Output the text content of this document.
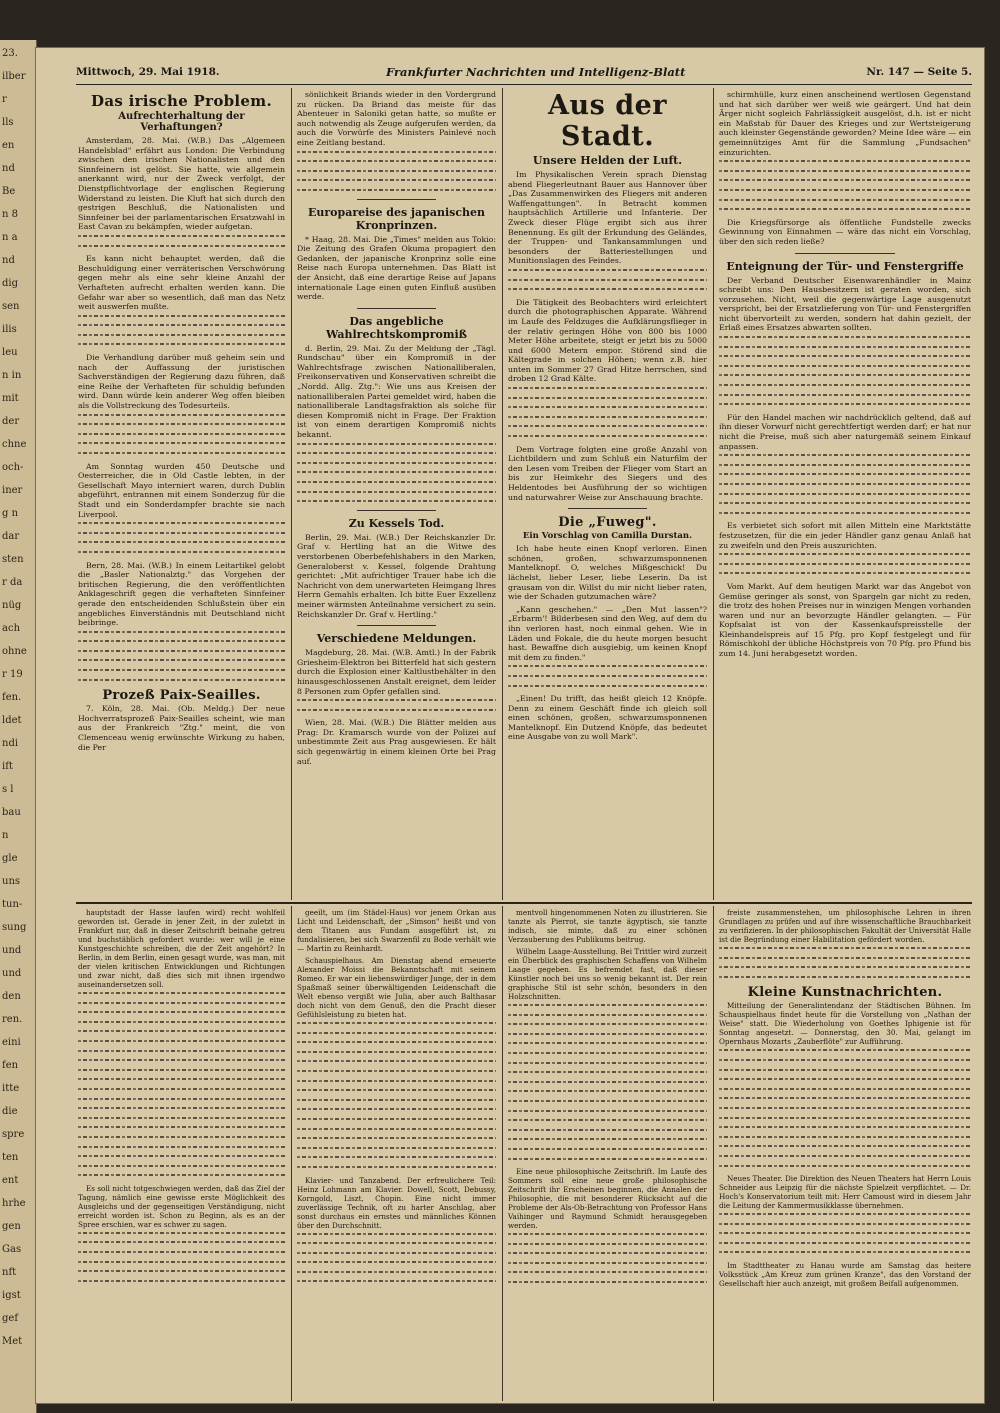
23.
ilber
r
lls
en
nd
Be
n 8
n a
nd
dig
sen
ilis
leu
n in
mit
der
chne
och-
iner
g n
dar
sten
r da
nüg
ach
ohne
r 19
fen.
ldet
ndi
ift
s l
bau
n
gle
uns
tun-
sung
und
und
den
ren.
eini
fen
itte
die
spre
ten
ent
hrhe
gen
Gas
nft
igst
gef
Met
Mittwoch, 29. Mai 1918.	Frankfurter Nachrichten und Intelligenz-Blatt	Nr. 147 — Seite 5.
Das irische Problem.
Aufrechterhaltung der Verhaftungen?

Amsterdam, 28. Mai. (W.B.) Das „Algemeen Handelsblad" erfährt aus London: Die Verbindung zwischen den irischen Nationalisten und den Sinnfeinern ist gelöst. Sie hatte, wie allgemein anerkannt wird, nur der Zweck verfolgt, der Dienstpflichtvorlage der englischen Regierung Widerstand zu leisten. Die Kluft hat sich durch den gestrigen Beschluß, die Nationalisten und Sinnfeiner bei der parlamentarischen Ersatzwahl in East Cavan zu bekämpfen, wieder aufgetan.

Es kann nicht behauptet werden, daß die Beschuldigung einer verräterischen Verschwörung gegen mehr als eine sehr kleine Anzahl der Verhafteten aufrecht erhalten werden kann. Die Gefahr war aber so wesentlich, daß man das Netz weit auswerfen mußte.

Die Verhandlung darüber muß geheim sein und nach der Auffassung der juristischen Sachverständigen der Regierung dazu führen, daß eine Reihe der Verhafteten für schuldig befunden wird. Dann würde kein anderer Weg offen bleiben als die Vollstreckung des Todesurteils.

Am Sonntag wurden 450 Deutsche und Oesterreicher, die in Old Castle lebten, in der Gesellschaft Mayo interniert waren, durch Dublin abgeführt, entrannen mit einem Sonderzug für die Stadt und ein Sonderdampfer brachte sie nach Liverpool.

Bern, 28. Mai. (W.B.) In einem Leitartikel gelobt die „Basler Nationalztg." das Vorgehen der britischen Regierung, die den veröffentlichten Anklageschrift gegen die verhafteten Sinnfeiner gerade den entscheidenden Schlußstein über ein angebliches Einverständnis mit Deutschland nicht beibringe.

Prozeß Paix-Seailles.

7. Köln, 28. Mai. (Ob. Meldg.) Der neue Hochverratsprozeß Paix-Seailles scheint, wie man aus der Frankreich "Ztg." meint, die von Clemenceau wenig erwünschte Wirkung zu haben, die Per

sönlichkeit Briands wieder in den Vordergrund zu rücken. Da Briand das meiste für das Abenteuer in Saloniki getan hatte, so mußte er auch notwendig als Zeuge aufgerufen werden, da auch die Vorwürfe des Ministers Painlevé noch eine Zeitlang bestand.

Europareise des japanischen Kronprinzen.

* Haag, 28. Mai. Die „Times" melden aus Tokio: Die Zeitung des Grafen Okuma propagiert den Gedanken, der japanische Kronprinz solle eine Reise nach Europa unternehmen. Das Blatt ist der Ansicht, daß eine derartige Reise auf Japans internationale Lage einen guten Einfluß ausüben werde.

Das angebliche Wahlrechtskompromiß

d. Berlin, 29. Mai. Zu der Meldung der „Tägl. Rundschau" über ein Kompromiß in der Wahlrechtsfrage zwischen Nationalliberalen, Freikonservativen und Konservativen schreibt die „Nordd. Allg. Ztg.": Wie uns aus Kreisen der nationalliberalen Partei gemeldet wird, haben die nationalliberale Landtagsfraktion als solche für diesen Kompromiß nicht in Frage. Der Fraktion ist von einem derartigen Kompromiß nichts bekannt.

Zu Kessels Tod.

Berlin, 29. Mai. (W.B.) Der Reichskanzler Dr. Graf v. Hertling hat an die Witwe des verstorbenen Oberbefehlshabers in den Marken, Generaloberst v. Kessel, folgende Drahtung gerichtet: „Mit aufrichtiger Trauer habe ich die Nachricht von dem unerwarteten Heimgang Ihres Herrn Gemahls erhalten. Ich bitte Euer Exzellenz meiner wärmsten Anteilnahme versichert zu sein. Reichskanzler Dr. Graf v. Hertling."

Verschiedene Meldungen.

Magdeburg, 28. Mai. (W.B. Amtl.) In der Fabrik Griesheim-Elektron bei Bitterfeld hat sich gestern durch die Explosion einer Kaltlustbehälter in den hinausgeschlossenen Anstalt ereignet, dem leider 8 Personen zum Opfer gefallen sind.

Wien, 28. Mai. (W.B.) Die Blätter melden aus Prag: Dr. Kramarsch wurde von der Polizei auf unbestimmte Zeit aus Prag ausgewiesen. Er hält sich gegenwärtig in einem kleinen Orte bei Prag auf.

Aus der Stadt.
Unsere Helden der Luft.

Im Physikalischen Verein sprach Dienstag abend Fliegerleutnant Bauer aus Hannover über „Das Zusammenwirken des Fliegers mit anderen Waffengattungen". In Betracht kommen hauptsächlich Artillerie und Infanterie. Der Zweck dieser Flüge ergibt sich aus ihrer Benennung. Es gilt der Erkundung des Geländes, der Truppen- und Tankansammlungen und besonders der Batteriestellungen und Munitionslagen des Feindes.

Die Tätigkeit des Beobachters wird erleichtert durch die photographischen Apparate. Während im Laufe des Feldzuges die Aufklärungsflieger in der relativ geringen Höhe von 800 bis 1000 Meter Höhe arbeitete, steigt er jetzt bis zu 5000 und 6000 Metern empor. Störend sind die Kältegrade in solchen Höhen; wenn z.B. hier unten im Sommer 27 Grad Hitze herrschen, sind droben 12 Grad Kälte.

Dem Vortrage folgten eine große Anzahl von Lichtbildern und zum Schluß ein Naturfilm der den Lesen vom Treiben der Flieger vom Start an bis zur Heimkehr des Siegers und des Heldentodes bei Ausführung der so wichtigen und naturwahrer Weise zur Anschauung brachte.

Die „Fuweg".
Ein Vorschlag von Camilla Durstan.

Ich habe heute einen Knopf verloren. Einen schönen, großen, schwarzumsponnenen Mantelknopf. O, welches Mißgeschick! Du lächelst, lieber Leser, liebe Leserin. Da ist grausam von dir. Willst du mir nicht lieber raten, wie der Schaden gutzumachen wäre?

„Kann geschehen." — „Den Mut lassen"? „Erbarm'! Bilderbesen sind den Weg, auf dem du ihn verloren hast, noch einmal gehen. Wie in Läden und Fokale, die du heute morgen besucht hast. Bewaffne dich ausgiebig, um keinen Knopf mit dem zu finden."

„Einen! Du trifft, das heißt gleich 12 Knöpfe. Denn zu einem Geschäft finde ich gleich soll einen schönen, großen, schwarzumsponnenen Mantelknopf. Ein Dutzend Knöpfe, das bedeutet eine Ausgabe von zu woll Mark".

schirmhülle, kurz einen anscheinend wertlosen Gegenstand und hat sich darüber wer weiß wie geärgert. Und hat dein Ärger nicht sogleich Fahrlässigkeit ausgelöst, d.h. ist er nicht ein Maßstab für Dauer des Krieges und zur Wertsteigerung auch kleinster Gegenstände geworden? Meine Idee wäre — ein gemeinnütziges Amt für die Sammlung „Fundsachen" einzurichten.

Die Kriegsfürsorge als öffentliche Fundstelle zwecks Gewinnung von Einnahmen — wäre das nicht ein Vorschlag, über den sich reden ließe?

Enteignung der Tür- und Fenstergriffe

Der Verband Deutscher Eisenwarenhändler in Mainz schreibt uns: Den Hausbesitzern ist geraten worden, sich vorzusehen. Nicht, weil die gegenwärtige Lage ausgenutzt verspricht, bei der Ersatzlieferung von Tür- und Fenstergriffen nicht übervorteilt zu werden, sondern hat dahin gezielt, der Erlaß eines Ersatzes abwarten sollten.

Für den Handel machen wir nachdrücklich geltend, daß auf ihn dieser Vorwurf nicht gerechtfertigt werden darf; er hat nur nicht die Preise, muß sich aber naturgemäß seinem Einkauf anpassen.

Es verbietet sich sofort mit allen Mitteln eine Marktstätte festzusetzen, für die ein jeder Händler ganz genau Anlaß hat zu zweifeln und den Preis auszurichten.

Vom Markt. Auf dem heutigen Markt war das Angebot von Gemüse geringer als sonst, von Spargeln gar nicht zu reden, die trotz des hohen Preises nur in winzigen Mengen vorhanden waren und nur an bevorzugte Händler gelangten. — Für Kopfsalat ist von der Kassenkaufspreisstelle der Kleinhandelspreis auf 15 Pfg. pro Kopf festgelegt und für Römischkohl der übliche Höchstpreis von 70 Pfg. pro Pfund bis zum 14. Juni herabgesetzt worden.

hauptstadt der Hasse laufen wird) recht wohlfeil geworden ist. Gerade in jener Zeit, in der zuletzt in Frankfurt nur, daß in dieser Zeitschrift beinahe getreu und buchstäblich gefordert wurde: wer will je eine Kunstgeschichte schreiben, die der Zeit angehört? In Berlin, in dem Berlin, einen gesagt wurde, was man, mit der vielen kritischen Entwicklungen und Richtungen und zwar nicht, daß dies sich mit ihnen irgendwo auseinandersetzen soll.

Es soll nicht totgeschwiegen werden, daß das Ziel der Tagung, nämlich eine gewisse erste Möglichkeit des Ausgleichs und der gegenseitigen Verständigung, nicht erreicht worden ist. Schon zu Beginn, als es an der Spree erschien, war es schwer zu sagen.

geeilt, um (im Städel-Haus) vor jenem Orkan aus Licht und Leidenschaft, der „Simson" heißt und von dem Titanen aus Fundam ausgeführt ist, zu fundalisieren, bei sich Swarzenfil zu Bode verhält wie — Martin zu Reinhardt.

Schauspielhaus. Am Dienstag abend erneuerte Alexander Moissi die Bekanntschaft mit seinem Romeo. Er war ein liebenswürdiger Junge, der in dem Spaßmaß seiner überwältigenden Leidenschaft die Welt ebenso vergißt wie Julia, aber auch Balthasar doch nicht von dem Genuß, den die Pracht dieser Gefühlsleistung zu bieten hat.

Klavier- und Tanzabend. Der erfreulichere Teil: Heinz Lohmann am Klavier. Dowell, Scott, Debussy, Korngold, Liszt, Chopin. Eine nicht immer zuverlässige Technik, oft zu harter Anschlag, aber sonst durchaus ein ernstes und männliches Können über den Durchschnitt.

mentvoll hingenommenen Noten zu illustrieren. Sie tanzte als Pierrot, sie tanzte ägyptisch, sie tanzte indisch, sie mimte, daß zu einer schönen Verzauberung des Publikums beitrug.

Wilhelm Laage-Ausstellung. Bei Trittler wird zurzeit ein Überblick des graphischen Schaffens von Wilhelm Laage gegeben. Es befremdet fast, daß dieser Künstler noch bei uns so wenig bekannt ist. Der rein graphische Stil ist sehr schön, besonders in den Holzschnitten.

Eine neue philosophische Zeitschrift. Im Laufe des Sommers soll eine neue große philosophische Zeitschrift ihr Erscheinen beginnen, die Annalen der Philosophie, die mit besonderer Rücksicht auf die Probleme der Als-Ob-Betrachtung von Professor Hans Vaihinger und Raymund Schmidt herausgegeben werden.

freiste zusammenstehen, um philosophische Lehren in ihren Grundlagen zu prüfen und auf ihre wissenschaftliche Brauchbarkeit zu verifizieren. In der philosophischen Fakultät der Universität Halle ist die Begründung einer Habilitation gefördert worden.

Kleine Kunstnachrichten.

Mitteilung der Generalintendanz der Städtischen Bühnen. Im Schauspielhaus findet heute für die Vorstellung von „Nathan der Weise" statt. Die Wiederholung von Goethes Iphigenie ist für Sonntag angesetzt. — Donnerstag, den 30. Mai, gelangt im Opernhaus Mozarts „Zauberflöte" zur Aufführung.

Neues Theater. Die Direktion des Neuen Theaters hat Herrn Louis Schneider aus Leipzig für die nächste Spielzeit verpflichtet. — Dr. Hoch's Konservatorium teilt mit: Herr Camoust wird in diesem Jahr die Leitung der Kammermusikklasse übernehmen.

Im Stadttheater zu Hanau wurde am Samstag das heitere Volksstück „Am Kreuz zum grünen Kranze", das den Vorstand der Gesellschaft hier auch anzeigt, mit großem Beifall aufgenommen.
